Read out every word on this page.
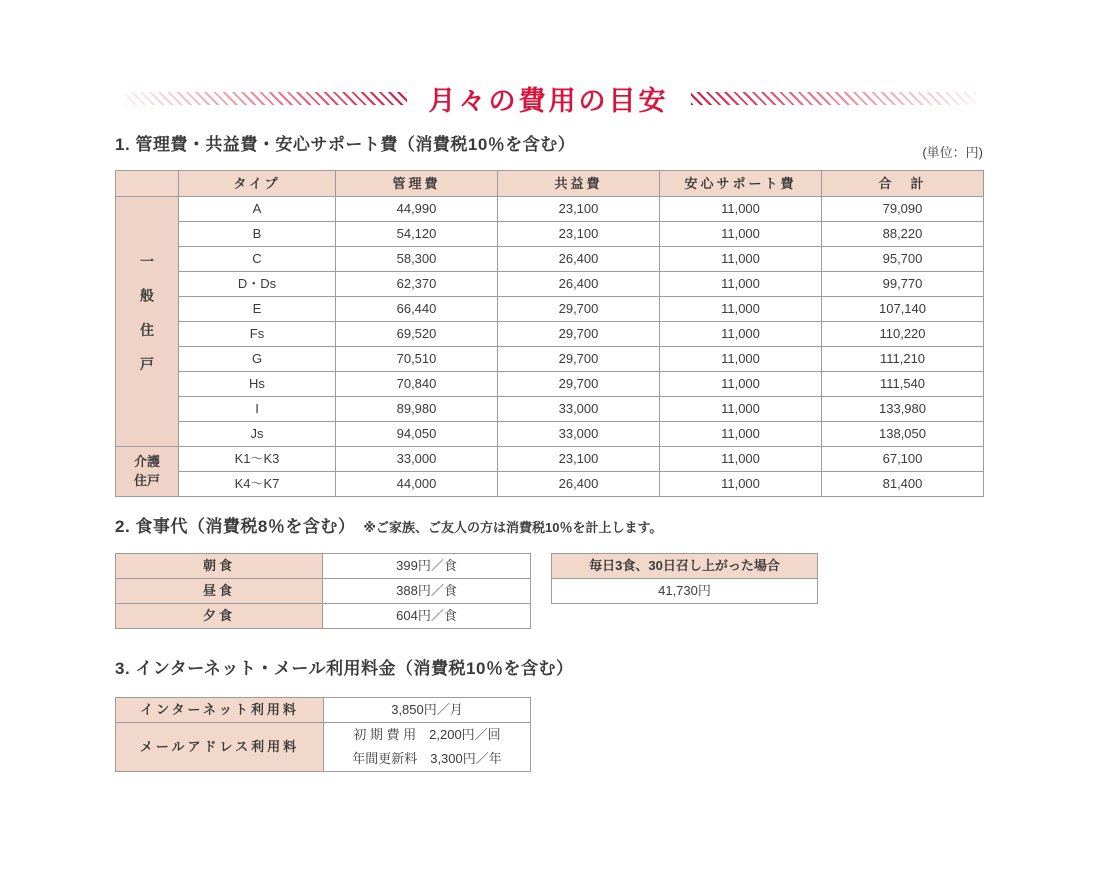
月々の費用の目安
1. 管理費・共益費・安心サポート費（消費税10％を含む）	(単位：円)
	タイプ	管理費	共益費	安心サポート費	合　計
一般住戸	A	44,990	23,100	11,000	79,090
	B	54,120	23,100	11,000	88,220
	C	58,300	26,400	11,000	95,700
	D・Ds	62,370	26,400	11,000	99,770
	E	66,440	29,700	11,000	107,140
	Fs	69,520	29,700	11,000	110,220
	G	70,510	29,700	11,000	111,210
	Hs	70,840	29,700	11,000	111,540
	I	89,980	33,000	11,000	133,980
	Js	94,050	33,000	11,000	138,050
介護住戸	K1〜K3	33,000	23,100	11,000	67,100
	K4〜K7	44,000	26,400	11,000	81,400
2. 食事代（消費税8％を含む） ※ご家族、ご友人の方は消費税10％を計上します。
朝食	399円／食
昼食	388円／食
夕食	604円／食
毎日3食、30日召し上がった場合
41,730円
3. インターネット・メール利用料金（消費税10％を含む）
インターネット利用料	3,850円／月
メールアドレス利用料	初 期 費 用　2,200円／回
年間更新料　3,300円／年
